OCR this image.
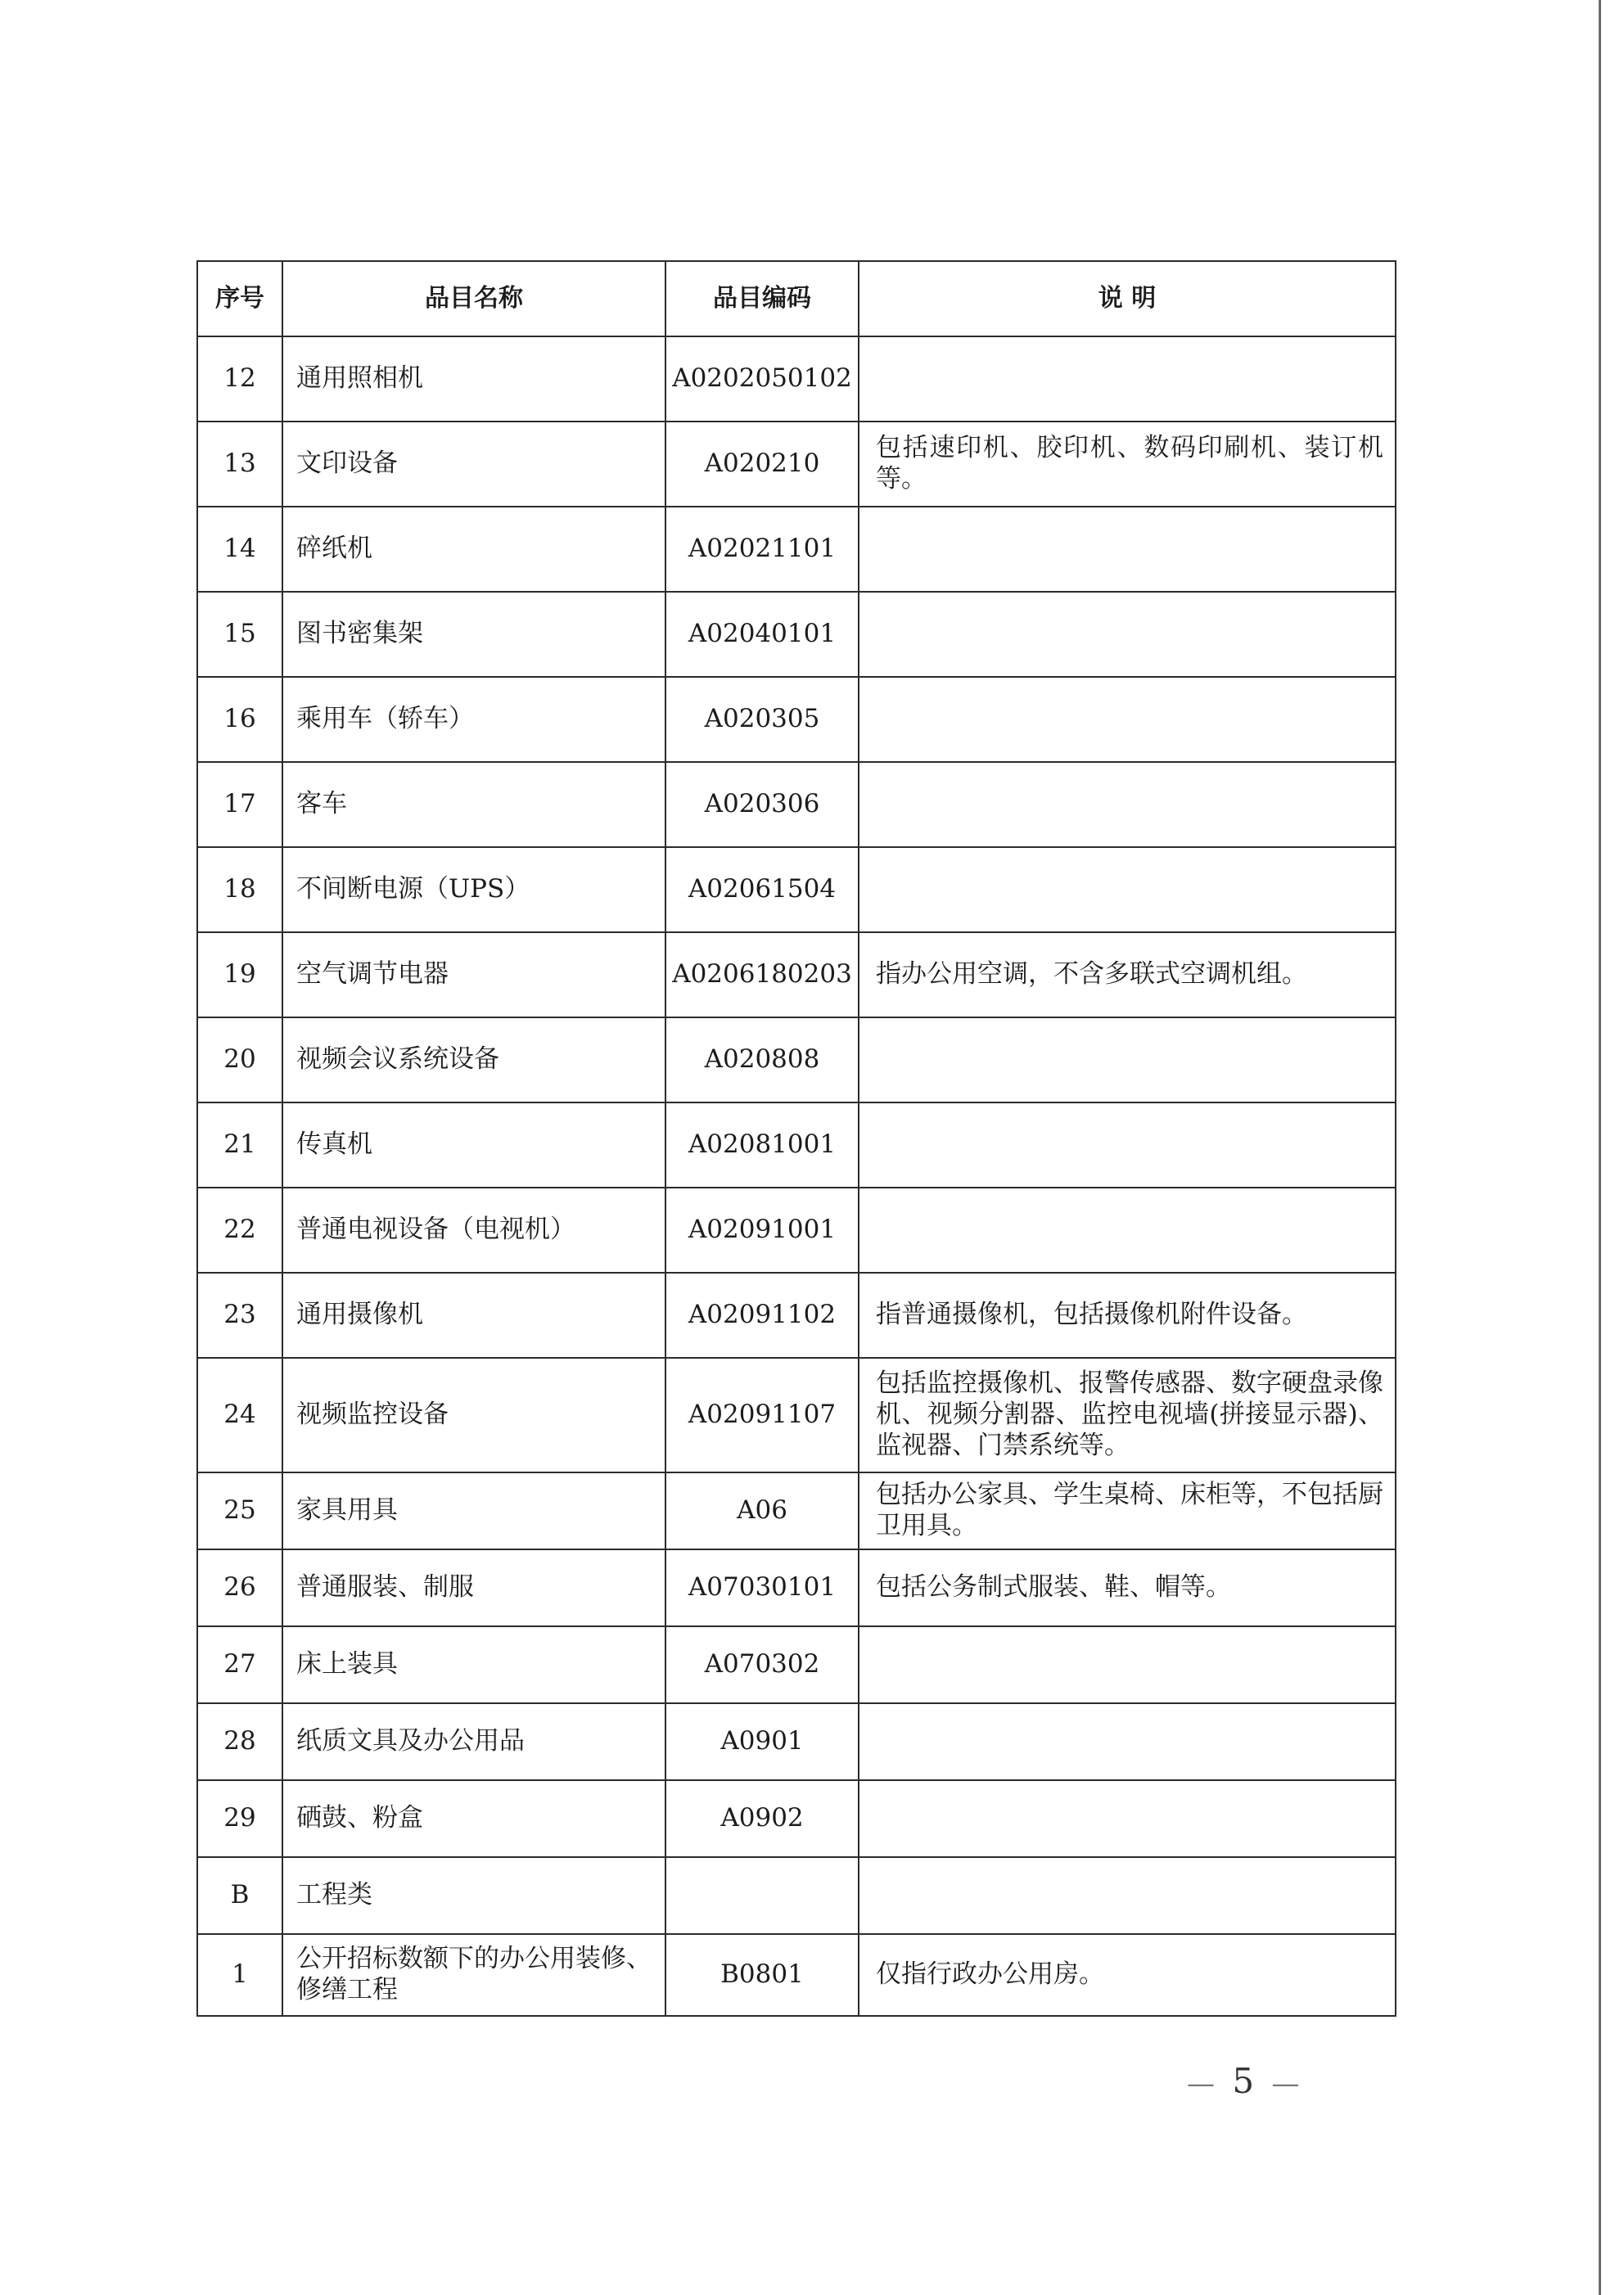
序号	品目名称	品目编码	说 明
12	通用照相机	A0202050102	
13	文印设备	A020210	包括速印机、胶印机、数码印刷机、装订机等。
14	碎纸机	A02021101	
15	图书密集架	A02040101	
16	乘用车（轿车）	A020305	
17	客车	A020306	
18	不间断电源（UPS）	A02061504	
19	空气调节电器	A0206180203	指办公用空调，不含多联式空调机组。
20	视频会议系统设备	A020808	
21	传真机	A02081001	
22	普通电视设备（电视机）	A02091001	
23	通用摄像机	A02091102	指普通摄像机，包括摄像机附件设备。
24	视频监控设备	A02091107	包括监控摄像机、报警传感器、数字硬盘录像机、视频分割器、监控电视墙(拼接显示器)、监视器、门禁系统等。
25	家具用具	A06	包括办公家具、学生桌椅、床柜等，不包括厨卫用具。
26	普通服装、制服	A07030101	包括公务制式服装、鞋、帽等。
27	床上装具	A070302	
28	纸质文具及办公用品	A0901	
29	硒鼓、粉盒	A0902	
B	工程类		
1	公开招标数额下的办公用装修、修缮工程	B0801	仅指行政办公用房。
— 5 —
